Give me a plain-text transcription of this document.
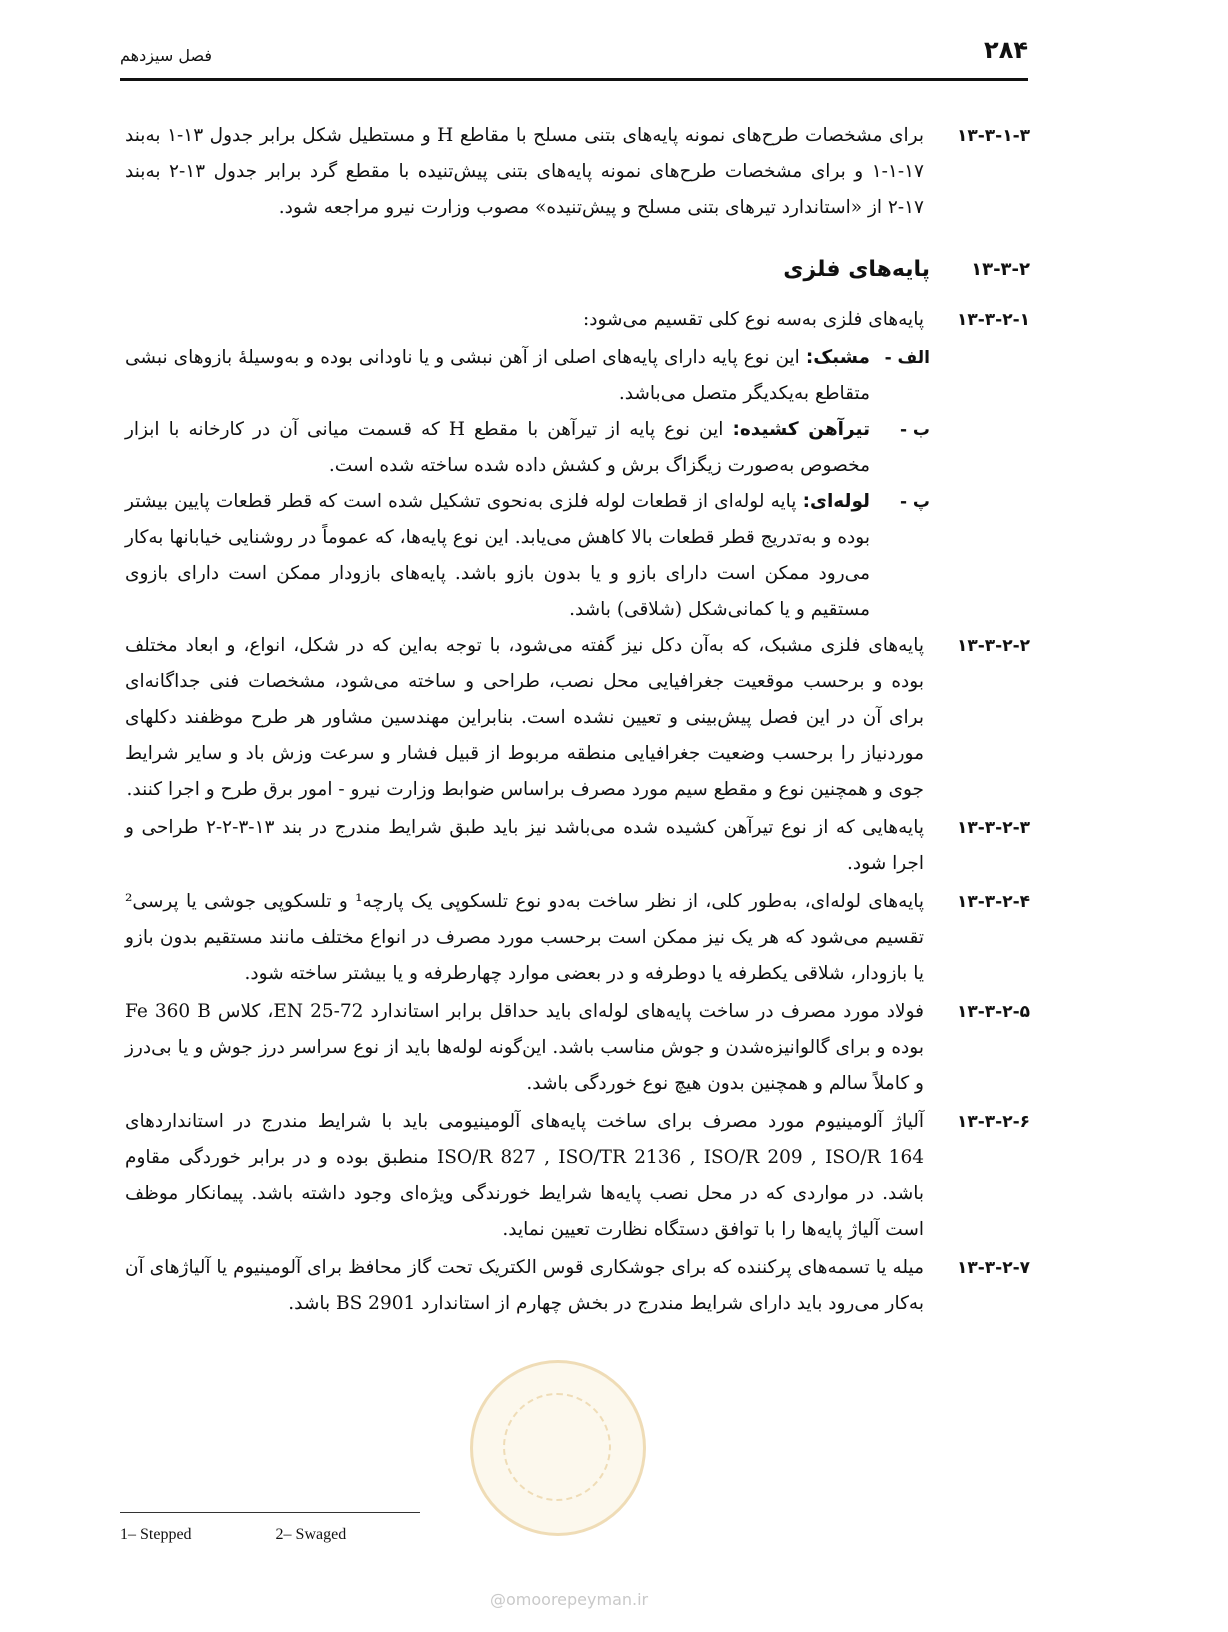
۲۸۴
فصل سیزدهم
۱۳-۳-۱-۳
برای مشخصات طرح‌های نمونه پایه‌های بتنی مسلح با مقاطع H و مستطیل شکل برابر جدول ۱۳-۱ به‌بند ۱۷-۱-۱ و برای مشخصات طرح‌های نمونه پایه‌های بتنی پیش‌تنیده با مقطع گرد برابر جدول ۱۳-۲ به‌بند ۱۷-۲ از «استاندارد تیرهای بتنی مسلح و پیش‌تنیده» مصوب وزارت نیرو مراجعه شود.
۱۳-۳-۲
پایه‌های فلزی
۱۳-۳-۲-۱
پایه‌های فلزی به‌سه نوع کلی تقسیم می‌شود:
الف -
مشبک: این نوع پایه دارای پایه‌های اصلی از آهن نبشی و یا ناودانی بوده و به‌وسیلهٔ بازوهای نبشی متقاطع به‌یکدیگر متصل می‌باشد.
ب -
تیرآهن کشیده: این نوع پایه از تیرآهن با مقطع H که قسمت میانی آن در کارخانه با ابزار مخصوص به‌صورت زیگزاگ برش و کشش داده شده ساخته شده است.
پ -
لوله‌ای: پایه لوله‌ای از قطعات لوله فلزی به‌نحوی تشکیل شده است که قطر قطعات پایین بیشتر بوده و به‌تدریج قطر قطعات بالا کاهش می‌یابد. این نوع پایه‌ها، که عموماً در روشنایی خیابانها به‌کار می‌رود ممکن است دارای بازو و یا بدون بازو باشد. پایه‌های بازودار ممکن است دارای بازوی مستقیم و یا کمانی‌شکل (شلاقی) باشد.
۱۳-۳-۲-۲
پایه‌های فلزی مشبک، که به‌آن دکل نیز گفته می‌شود، با توجه به‌این که در شکل، انواع، و ابعاد مختلف بوده و برحسب موقعیت جغرافیایی محل نصب، طراحی و ساخته می‌شود، مشخصات فنی جداگانه‌ای برای آن در این فصل پیش‌بینی و تعیین نشده است. بنابراین مهندسین مشاور هر طرح موظفند دکلهای موردنیاز را برحسب وضعیت جغرافیایی منطقه مربوط از قبیل فشار و سرعت وزش باد و سایر شرایط جوی و همچنین نوع و مقطع سیم مورد مصرف براساس ضوابط وزارت نیرو - امور برق طرح و اجرا کنند.
۱۳-۳-۲-۳
پایه‌هایی که از نوع تیرآهن کشیده شده می‌باشد نیز باید طبق شرایط مندرج در بند ۱۳-۳-۲-۲ طراحی و اجرا شود.
۱۳-۳-۲-۴
پایه‌های لوله‌ای، به‌طور کلی، از نظر ساخت به‌دو نوع تلسکوپی یک پارچه¹ و تلسکوپی جوشی یا پرسی² تقسیم می‌شود که هر یک نیز ممکن است برحسب مورد مصرف در انواع مختلف مانند مستقیم بدون بازو یا بازودار، شلاقی یکطرفه یا دوطرفه و در بعضی موارد چهارطرفه و یا بیشتر ساخته شود.
۱۳-۳-۲-۵
فولاد مورد مصرف در ساخت پایه‌های لوله‌ای باید حداقل برابر استاندارد EN 25-72، کلاس Fe 360 B بوده و برای گالوانیزه‌شدن و جوش مناسب باشد. این‌گونه لوله‌ها باید از نوع سراسر درز جوش و یا بی‌درز و کاملاً سالم و همچنین بدون هیچ نوع خوردگی باشد.
۱۳-۳-۲-۶
آلیاژ آلومینیوم مورد مصرف برای ساخت پایه‌های آلومینیومی باید با شرایط مندرج در استانداردهای ISO/R 827 , ISO/TR 2136 , ISO/R 209 , ISO/R 164 منطبق بوده و در برابر خوردگی مقاوم باشد. در مواردی که در محل نصب پایه‌ها شرایط خورندگی ویژه‌ای وجود داشته باشد. پیمانکار موظف است آلیاژ پایه‌ها را با توافق دستگاه نظارت تعیین نماید.
۱۳-۳-۲-۷
میله یا تسمه‌های پرکننده که برای جوشکاری قوس الکتریک تحت گاز محافظ برای آلومینیوم یا آلیاژهای آن به‌کار می‌رود باید دارای شرایط مندرج در بخش چهارم از استاندارد BS 2901 باشد.
1– Stepped	2– Swaged
@omoorepeyman.ir
